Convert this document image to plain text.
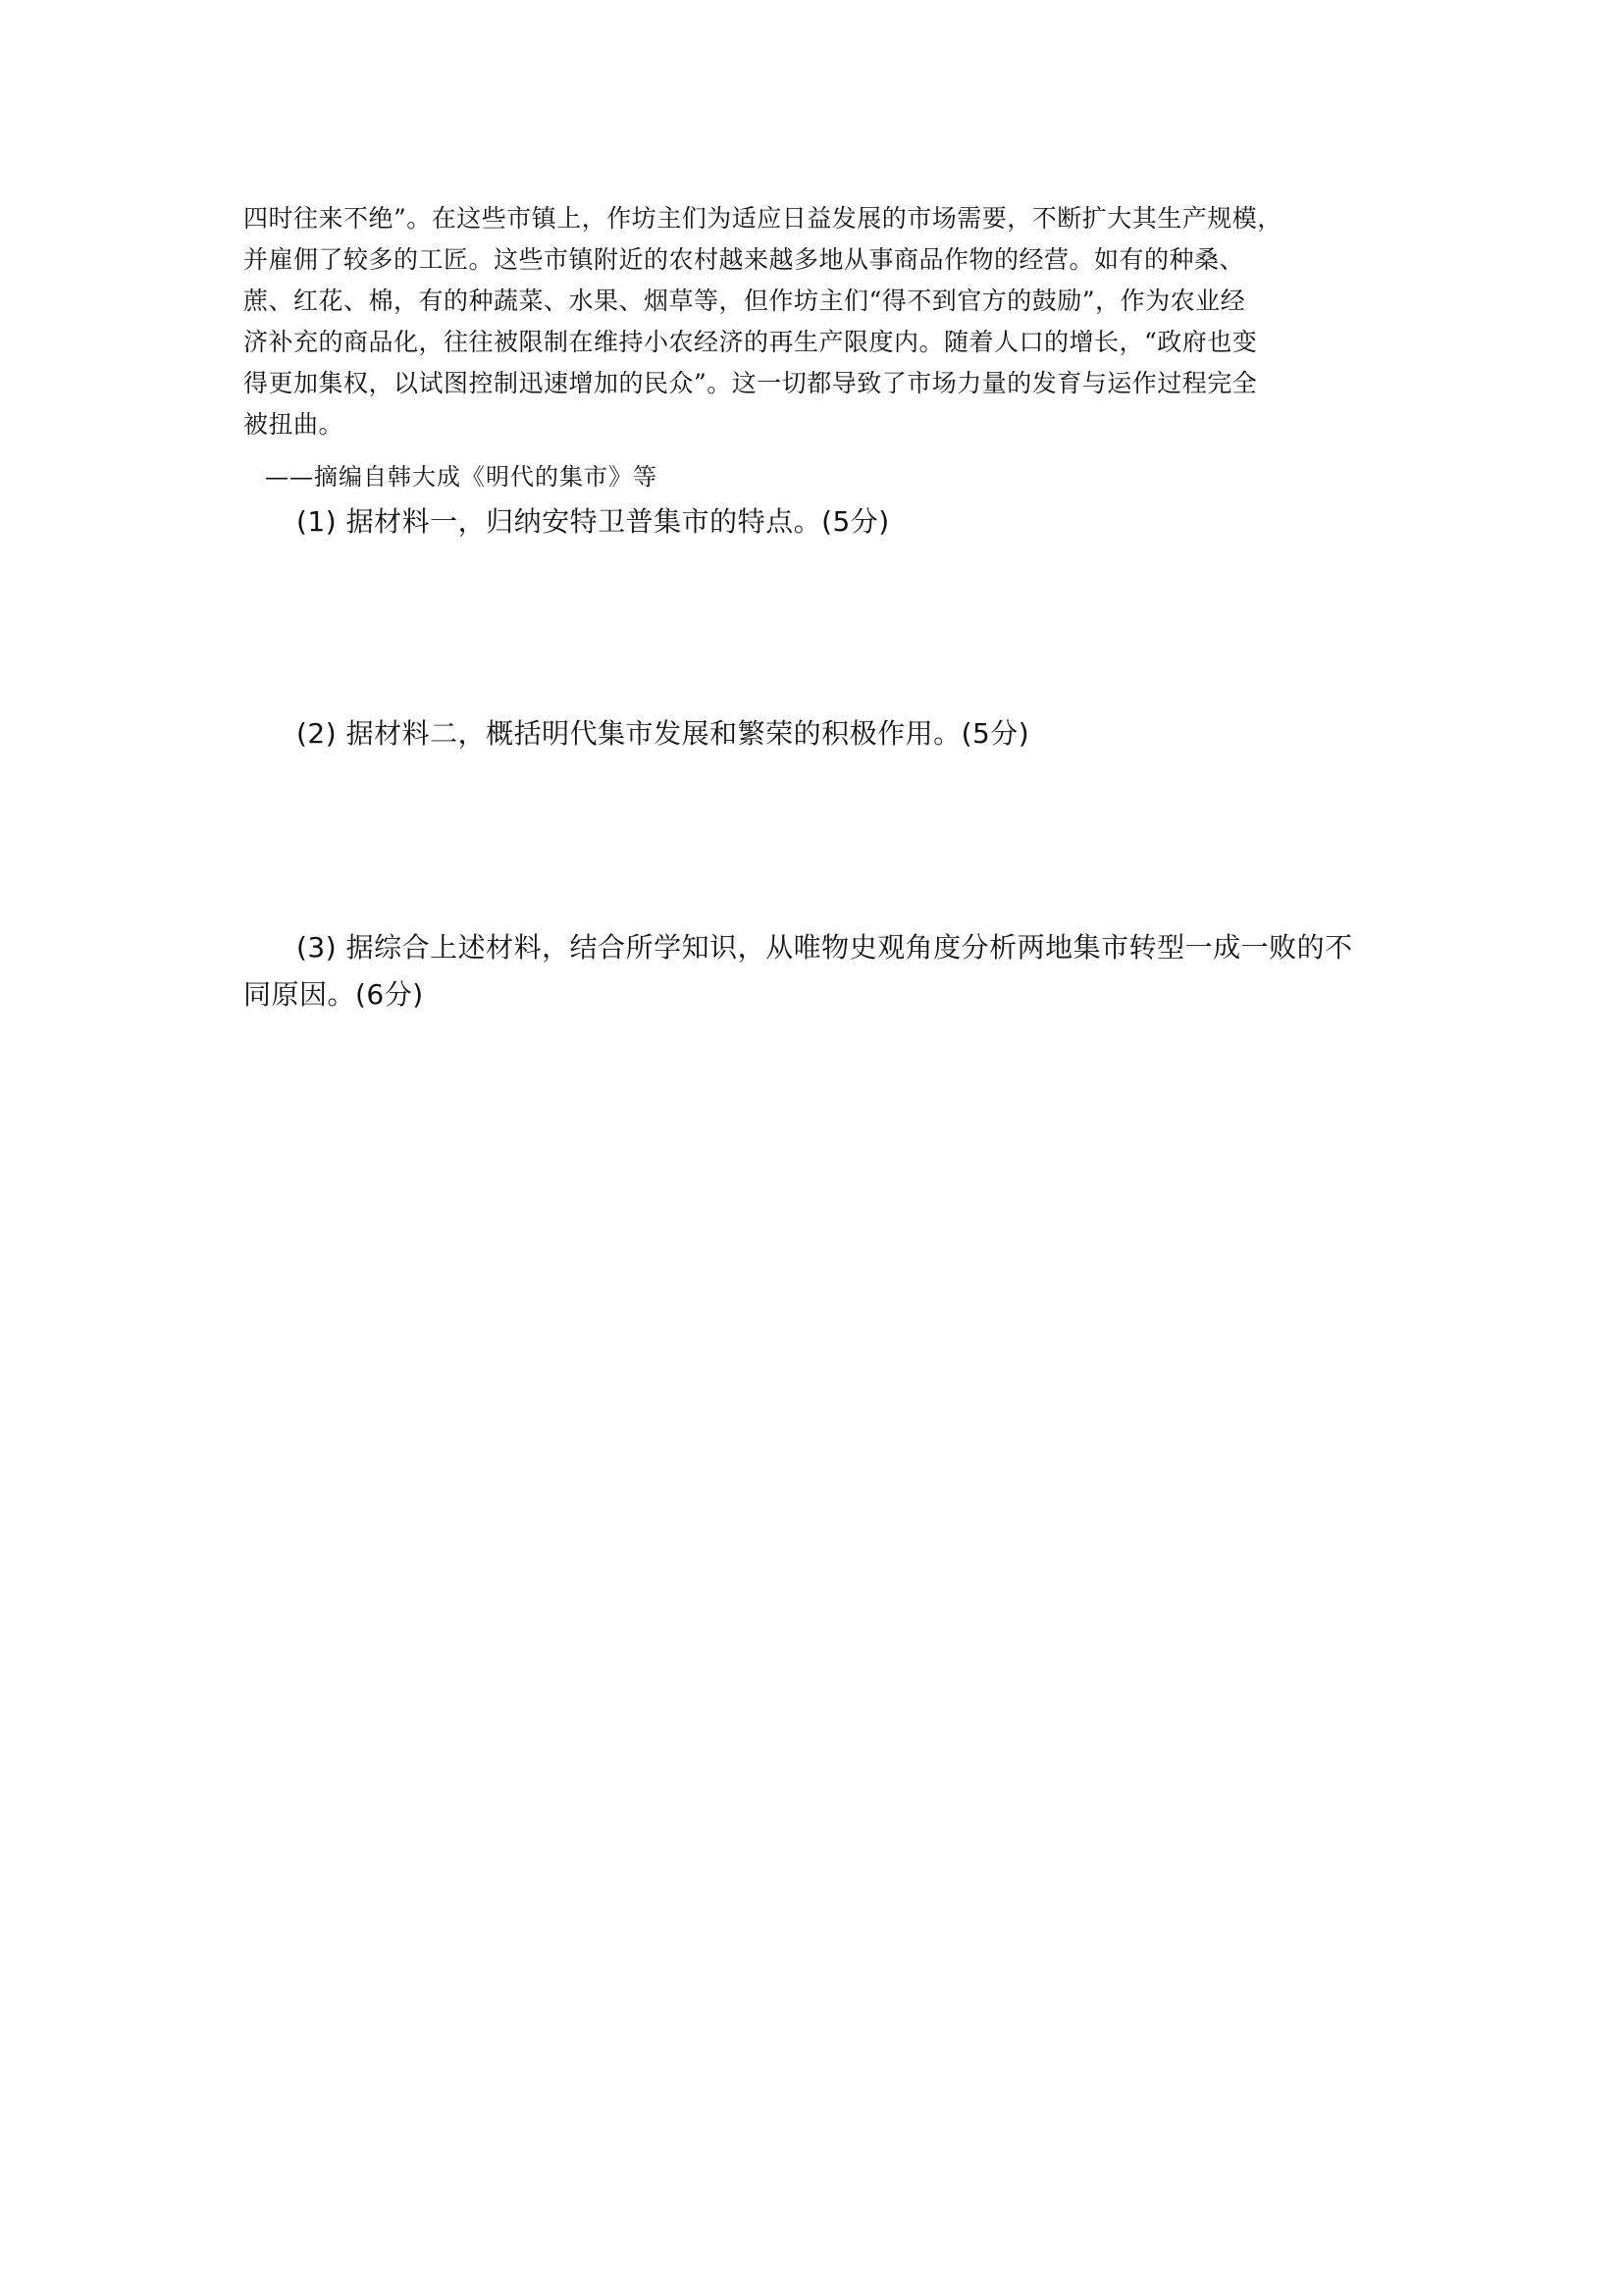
四时往来不绝”。在这些市镇上，作坊主们为适应日益发展的市场需要，不断扩大其生产规模，
并雇佣了较多的工匠。这些市镇附近的农村越来越多地从事商品作物的经营。如有的种桑、
蔗、红花、棉，有的种蔬菜、水果、烟草等，但作坊主们“得不到官方的鼓励”，作为农业经
济补充的商品化，往往被限制在维持小农经济的再生产限度内。随着人口的增长，“政府也变
得更加集权，以试图控制迅速增加的民众”。这一切都导致了市场力量的发育与运作过程完全
被扭曲。
——摘编自韩大成《明代的集市》等
(1) 据材料一，归纳安特卫普集市的特点。(5分)
(2) 据材料二，概括明代集市发展和繁荣的积极作用。(5分)
(3) 据综合上述材料，结合所学知识，从唯物史观角度分析两地集市转型一成一败的不
同原因。(6分)
